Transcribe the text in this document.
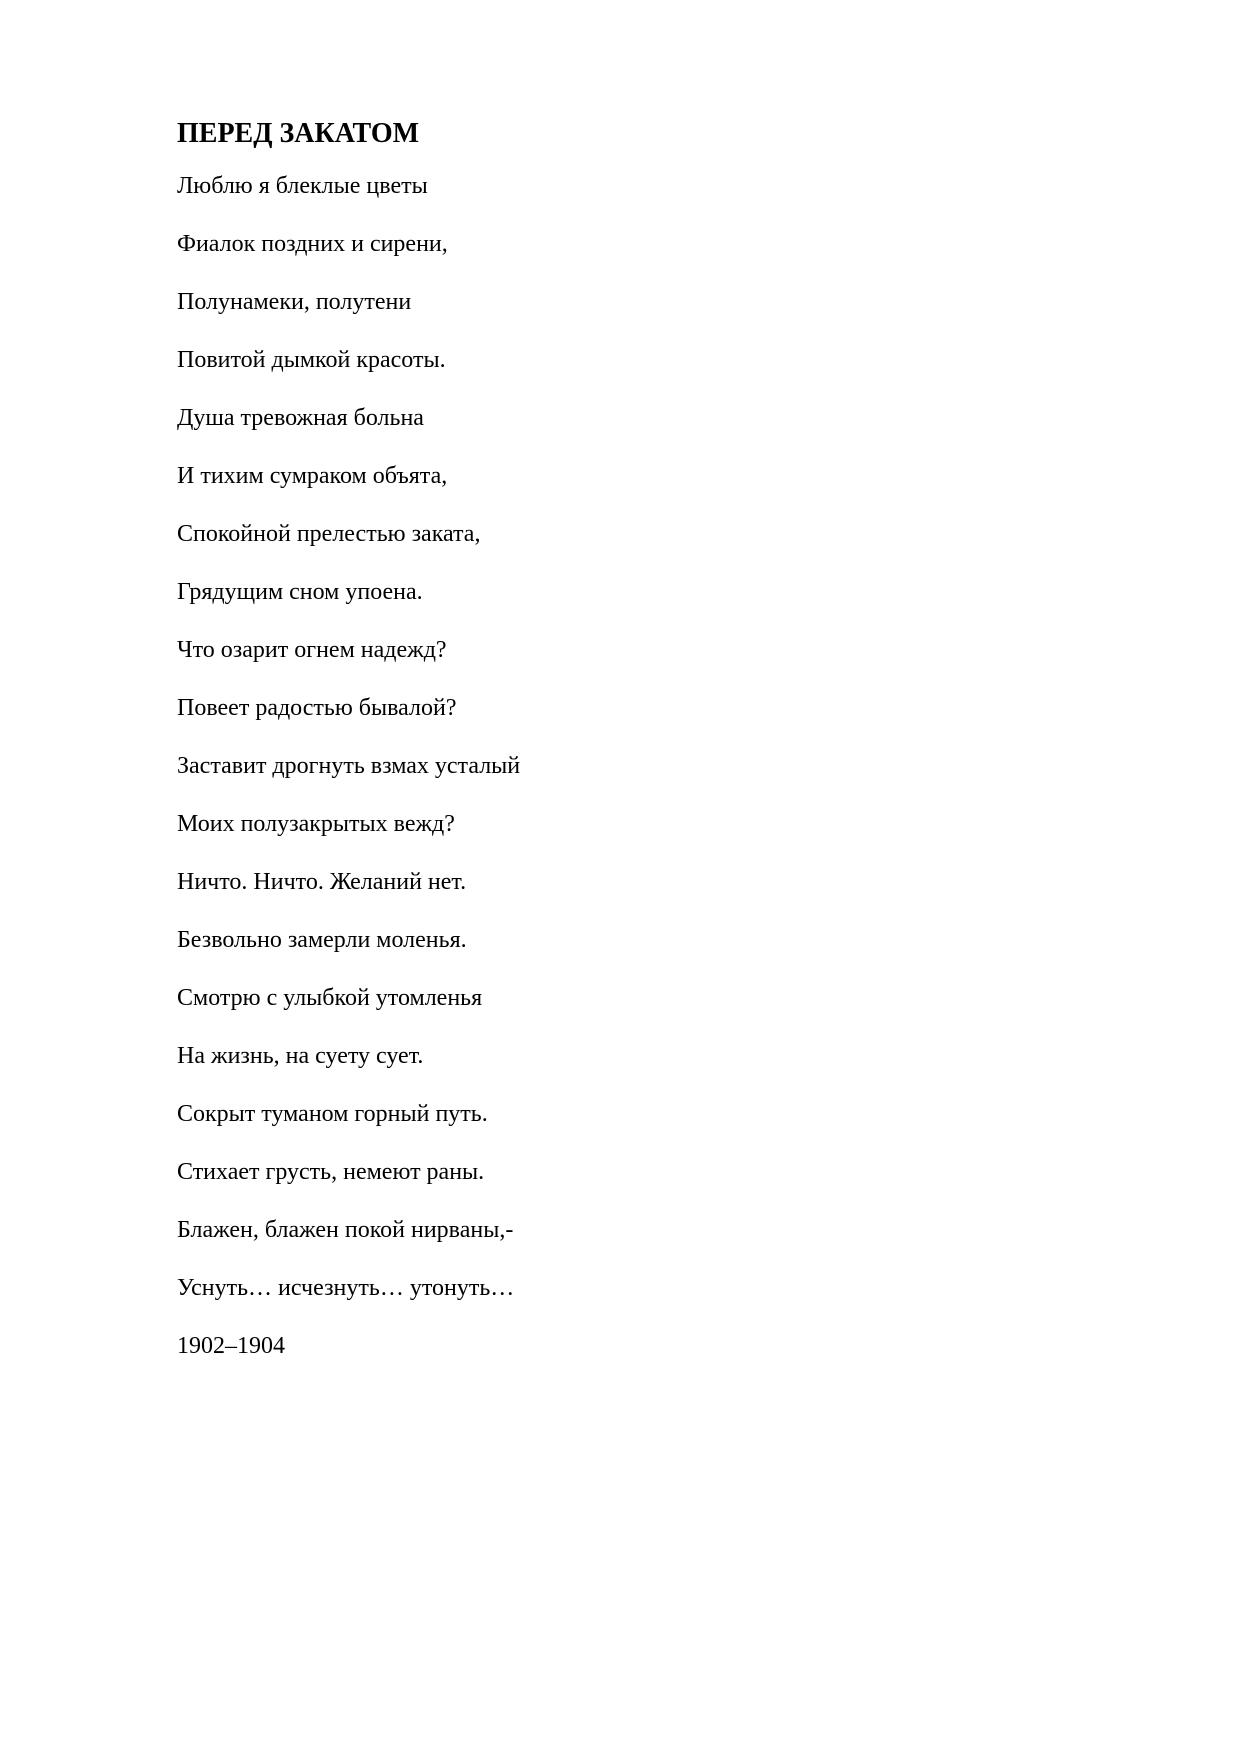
ПЕРЕД ЗАКАТОМ
Люблю я блеклые цветы
Фиалок поздних и сирени,
Полунамеки, полутени
Повитой дымкой красоты.
Душа тревожная больна
И тихим сумраком объята,
Спокойной прелестью заката,
Грядущим сном упоена.
Что озарит огнем надежд?
Повеет радостью бывалой?
Заставит дрогнуть взмах усталый
Моих полузакрытых вежд?
Ничто. Ничто. Желаний нет.
Безвольно замерли моленья.
Смотрю с улыбкой утомленья
На жизнь, на суету сует.
Сокрыт туманом горный путь.
Стихает грусть, немеют раны.
Блажен, блажен покой нирваны,-
Уснуть… исчезнуть… утонуть…
1902–1904
